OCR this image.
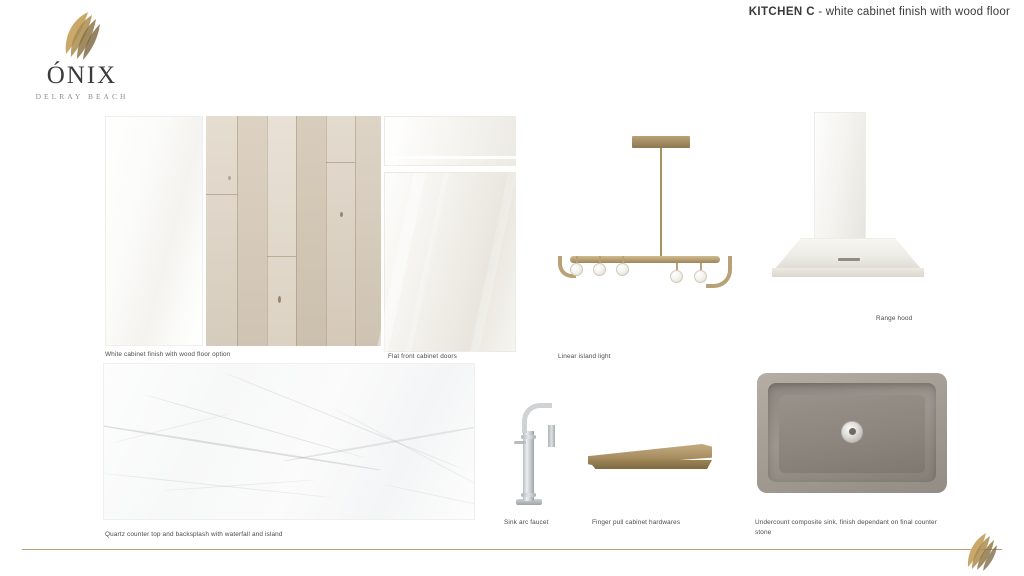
ÓNIX
DELRAY BEACH
KITCHEN C - white cabinet finish with wood floor
White cabinet finish with wood floor option	Flat front cabinet doors	Linear island light
Range hood
Quartz counter top and backsplash with waterfall and island
Sink arc faucet	Finger pull cabinet hardwares	Undercount composite sink, finish dependant on final counter stone
